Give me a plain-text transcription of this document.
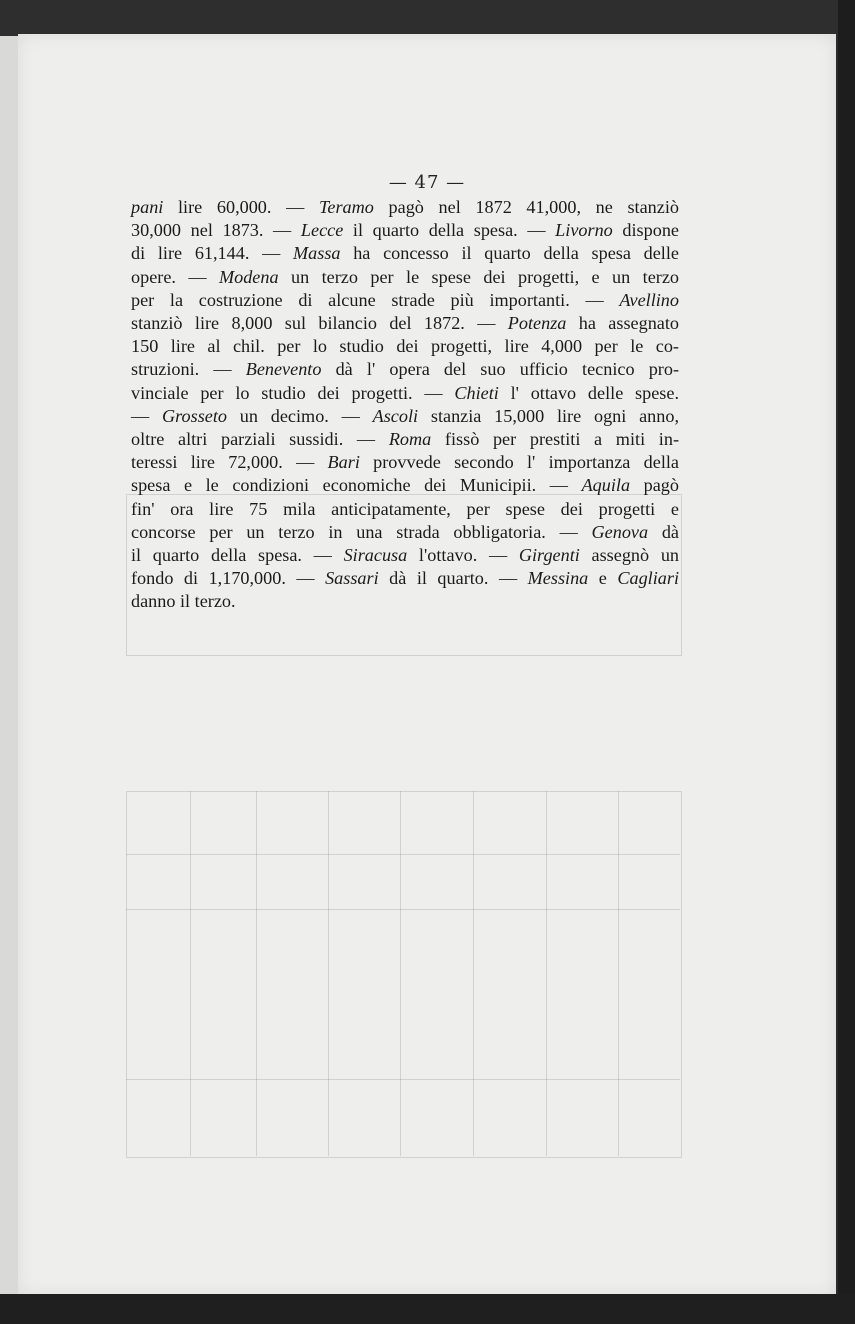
— 47 —
pani lire 60,000. — Teramo pagò nel 1872 41,000, ne stanziò
30,000 nel 1873. — Lecce il quarto della spesa. — Livorno dispone
di lire 61,144. — Massa ha concesso il quarto della spesa delle
opere. — Modena un terzo per le spese dei progetti, e un terzo
per la costruzione di alcune strade più importanti. — Avellino
stanziò lire 8,000 sul bilancio del 1872. — Potenza ha assegnato
150 lire al chil. per lo studio dei progetti, lire 4,000 per le co-
struzioni. — Benevento dà l' opera del suo ufficio tecnico pro-
vinciale per lo studio dei progetti. — Chieti l' ottavo delle spese.
— Grosseto un decimo. — Ascoli stanzia 15,000 lire ogni anno,
oltre altri parziali sussidi. — Roma fissò per prestiti a miti in-
teressi lire 72,000. — Bari provvede secondo l' importanza della
spesa e le condizioni economiche dei Municipii. — Aquila pagò
fin' ora lire 75 mila anticipatamente, per spese dei progetti e
concorse per un terzo in una strada obbligatoria. — Genova dà
il quarto della spesa. — Siracusa l'ottavo. — Girgenti assegnò un
fondo di 1,170,000. — Sassari dà il quarto. — Messina e Cagliari
danno il terzo.
